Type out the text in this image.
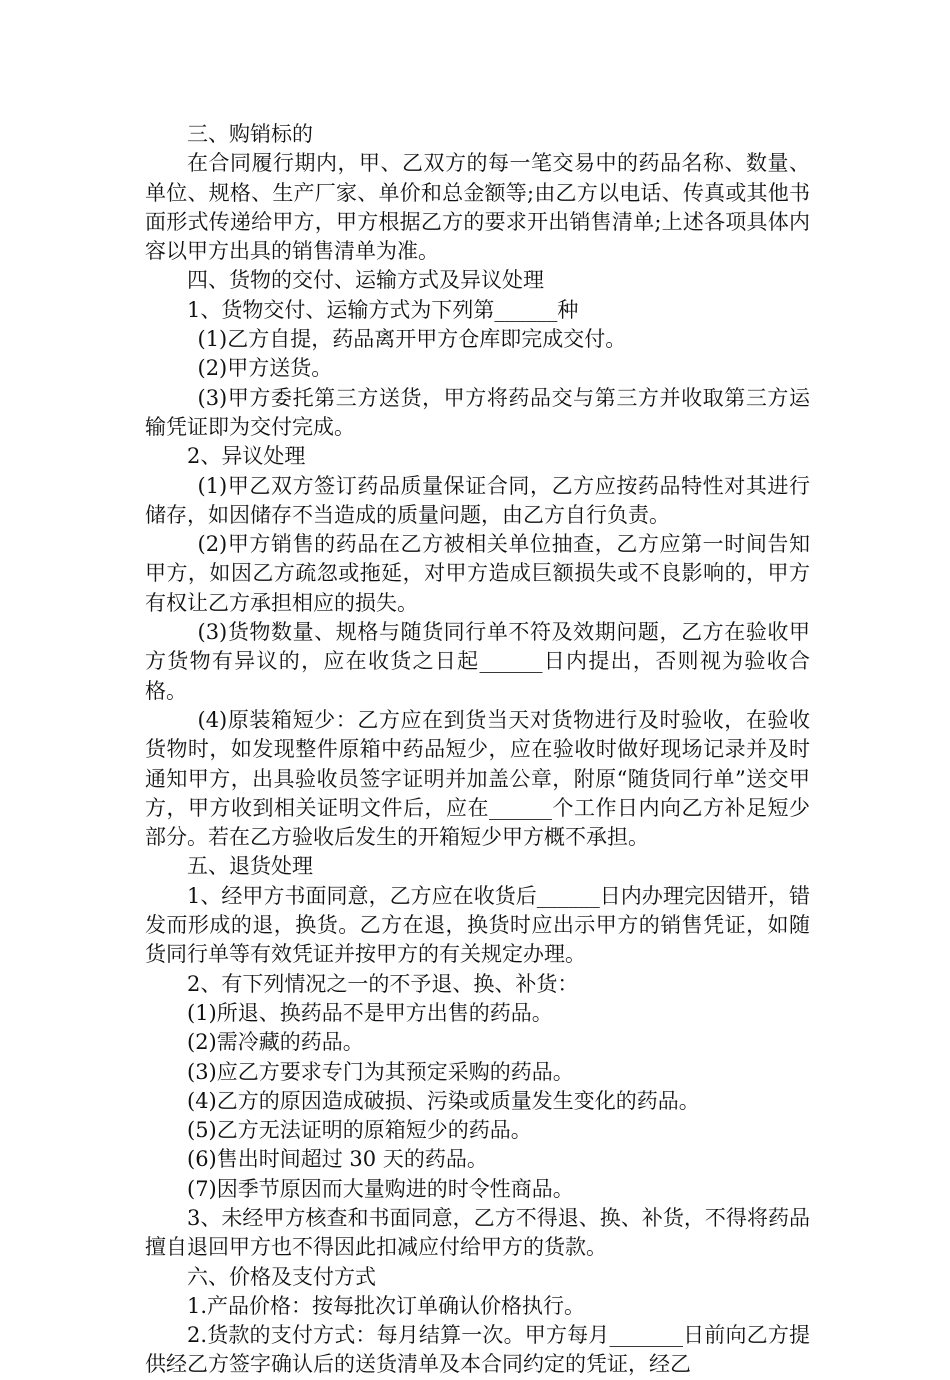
三、购销标的

在合同履行期内，甲、乙双方的每一笔交易中的药品名称、数量、单位、规格、生产厂家、单价和总金额等;由乙方以电话、传真或其他书面形式传递给甲方，甲方根据乙方的要求开出销售清单;上述各项具体内容以甲方出具的销售清单为准。

四、货物的交付、运输方式及异议处理

1、货物交付、运输方式为下列第______种

(1)乙方自提，药品离开甲方仓库即完成交付。

(2)甲方送货。

(3)甲方委托第三方送货，甲方将药品交与第三方并收取第三方运输凭证即为交付完成。

2、异议处理

(1)甲乙双方签订药品质量保证合同，乙方应按药品特性对其进行储存，如因储存不当造成的质量问题，由乙方自行负责。

(2)甲方销售的药品在乙方被相关单位抽查，乙方应第一时间告知甲方，如因乙方疏忽或拖延，对甲方造成巨额损失或不良影响的，甲方有权让乙方承担相应的损失。

(3)货物数量、规格与随货同行单不符及效期问题，乙方在验收甲方货物有异议的，应在收货之日起______日内提出，否则视为验收合格。

(4)原装箱短少：乙方应在到货当天对货物进行及时验收，在验收货物时，如发现整件原箱中药品短少，应在验收时做好现场记录并及时通知甲方，出具验收员签字证明并加盖公章，附原“随货同行单”送交甲方，甲方收到相关证明文件后，应在______个工作日内向乙方补足短少部分。若在乙方验收后发生的开箱短少甲方概不承担。

五、退货处理

1、经甲方书面同意，乙方应在收货后______日内办理完因错开，错发而形成的退，换货。乙方在退，换货时应出示甲方的销售凭证，如随货同行单等有效凭证并按甲方的有关规定办理。

2、有下列情况之一的不予退、换、补货：

(1)所退、换药品不是甲方出售的药品。

(2)需冷藏的药品。

(3)应乙方要求专门为其预定采购的药品。

(4)乙方的原因造成破损、污染或质量发生变化的药品。

(5)乙方无法证明的原箱短少的药品。

(6)售出时间超过 30 天的药品。

(7)因季节原因而大量购进的时令性商品。

3、未经甲方核查和书面同意，乙方不得退、换、补货，不得将药品擅自退回甲方也不得因此扣减应付给甲方的货款。

六、价格及支付方式

1.产品价格：按每批次订单确认价格执行。

2.货款的支付方式：每月结算一次。甲方每月_______日前向乙方提供经乙方签字确认后的送货清单及本合同约定的凭证，经乙
